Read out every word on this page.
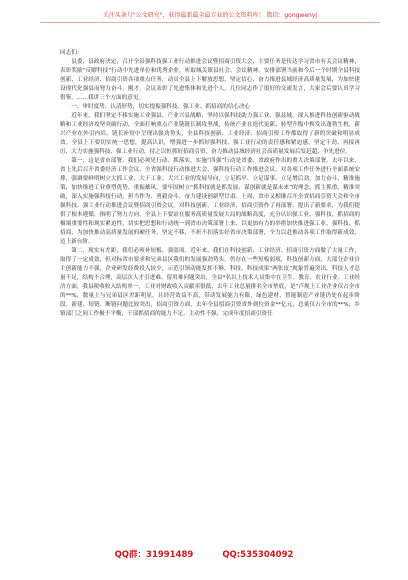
关注头条号"公文研究"，获得最新最全最专业的公文资料库！ 微信：gongwenyj

同志们：

县委、县政府决定，召开全县强科技强工业行动推进会议暨招商引资大会，主要任务是传达学习省市有关会议精神，表彰奖励“反曜科技”行动中先进单位和优秀企业，听取城关镇县社会、会议精神，安排部署当前和今后一个时期全县科技创新、工业经济、招商引资各项重点任务，动员全县上下解放思想，坚定信心，奋力推进县域经济高质量发展，为加快建设现代化强县而努力奋斗。刚才，会议表彰了先进集体和先进个人，几位同志作了很好的交流发言，大家会后要认真学习借鉴。……我讲三个方面的意见。

一、审时度势、认清形势，切实提振强科技、强工业、抓招商的信心决心

近年来，我们坚定不移实施工业强县、产业兴县战略，坚持以强科技助力强工业、强县域，深入推进科技创新驱动战略和工业经济攻坚突破行动，全面打响重点产业链链长制攻坚战，传统产业在迭代更新、转型升级中焕发出蓬勃生机，新兴产业在外引内培、链长补短中呈现出强劲势头，全县科技创新、工业经济、招商引资工作都取得了新的突破和明显成效。全县上下要切实统一思想，提高认识，增强进一步抓好强科技、强工业行动的责任感和紧迫感，坚定干劲、再接再厉，大力实施强科技、强工业行动，持之以恒抓好招商引资，奋力推动县域经济社会高质量发展后发赶超、争先进位。

第一，这是省市部署，我们必须见行动、抓落实。实施“四强”行动是省委、省政府作出的重大决策部署。去年以来，省上先后召开省委经济工作会议、全省强科技行动推进大会、强科技行动工作推进会议，对各项工作任务进行全面系统安排，强调要鲜明树立大抓工业、大干工业、大兴工业的发展导向，立足抓早、立足谋事、立足增后劲，加力奋斗、精准施策，加快推进工业重塑优势、重振雄风，要牢固树立“抓科技就是抓发展、谋创新就是谋未来”的理念，抓主抓重、精准突破，深入实施强科技行动，担当作为、勇毅奋斗，奋力建设创新型甘肃。上周，省市又相继召开全省招商引资大会和全市强科技、强工业行动推进会议暨招商引资会议，对科技创新、工业经济、招商引资作了再部署、提出了新要求，为我们提供了根本遵循，指明了努力方向。全县上下要站在服务高质量发展大局的战略高度，充分认识强工业、强科技、抓招商的极端重要性和现实紧迫性，切实把思想和行动统一到省市决策部署上来，以更加有力的举措加快推进强工业、强科技、抓招商，为加快推动高质量发展的硬任务，坚定不移、不折不扣落实好省市决策部署，全力以赴推动各项工作取得新成效、迈上新台阶。

第二，现实有差距，我们必须补短板、强弱项。近年来，我们在科技创新、工业经济、招商引资方面做了大量工作，取得了一定成效，但对标省市要求和兄弟县区我们的发展强劲势头，仍存在一些短板弱项，科技创新方面，大部分企业自主创新能力不强，企业研发经费投入较少，示范引领动能发挥不够，科技、科技成果“两张皮”现象普遍突出，科技人才总量不足，结构不合理，高层次人才引进难、留用难问题突出，全县*名以上技术人员集中在卫生、教育、农业行业。工业经济方面，我县税收收入结构单一，工业对财政收入贡献率很低，去年工业总量排名全市垫底，是“卢规上工业企业仅占全市的**%，数量上与兄弟县区差距明显，且经营效益不高，带动发展能力有限，绿色建材、智能制造产业链仍处在起步阶段，新建、短链、断链问题比较突出，招商引资方面，去年全县招商引资省外到位资金**亿元，总量仅占全市的**%，乡镇部门之间工作极不平衡，干部抓招商的能力不足、主动性不强，完成年度招商引资任

QQ群：31991489	QQ:535304092
